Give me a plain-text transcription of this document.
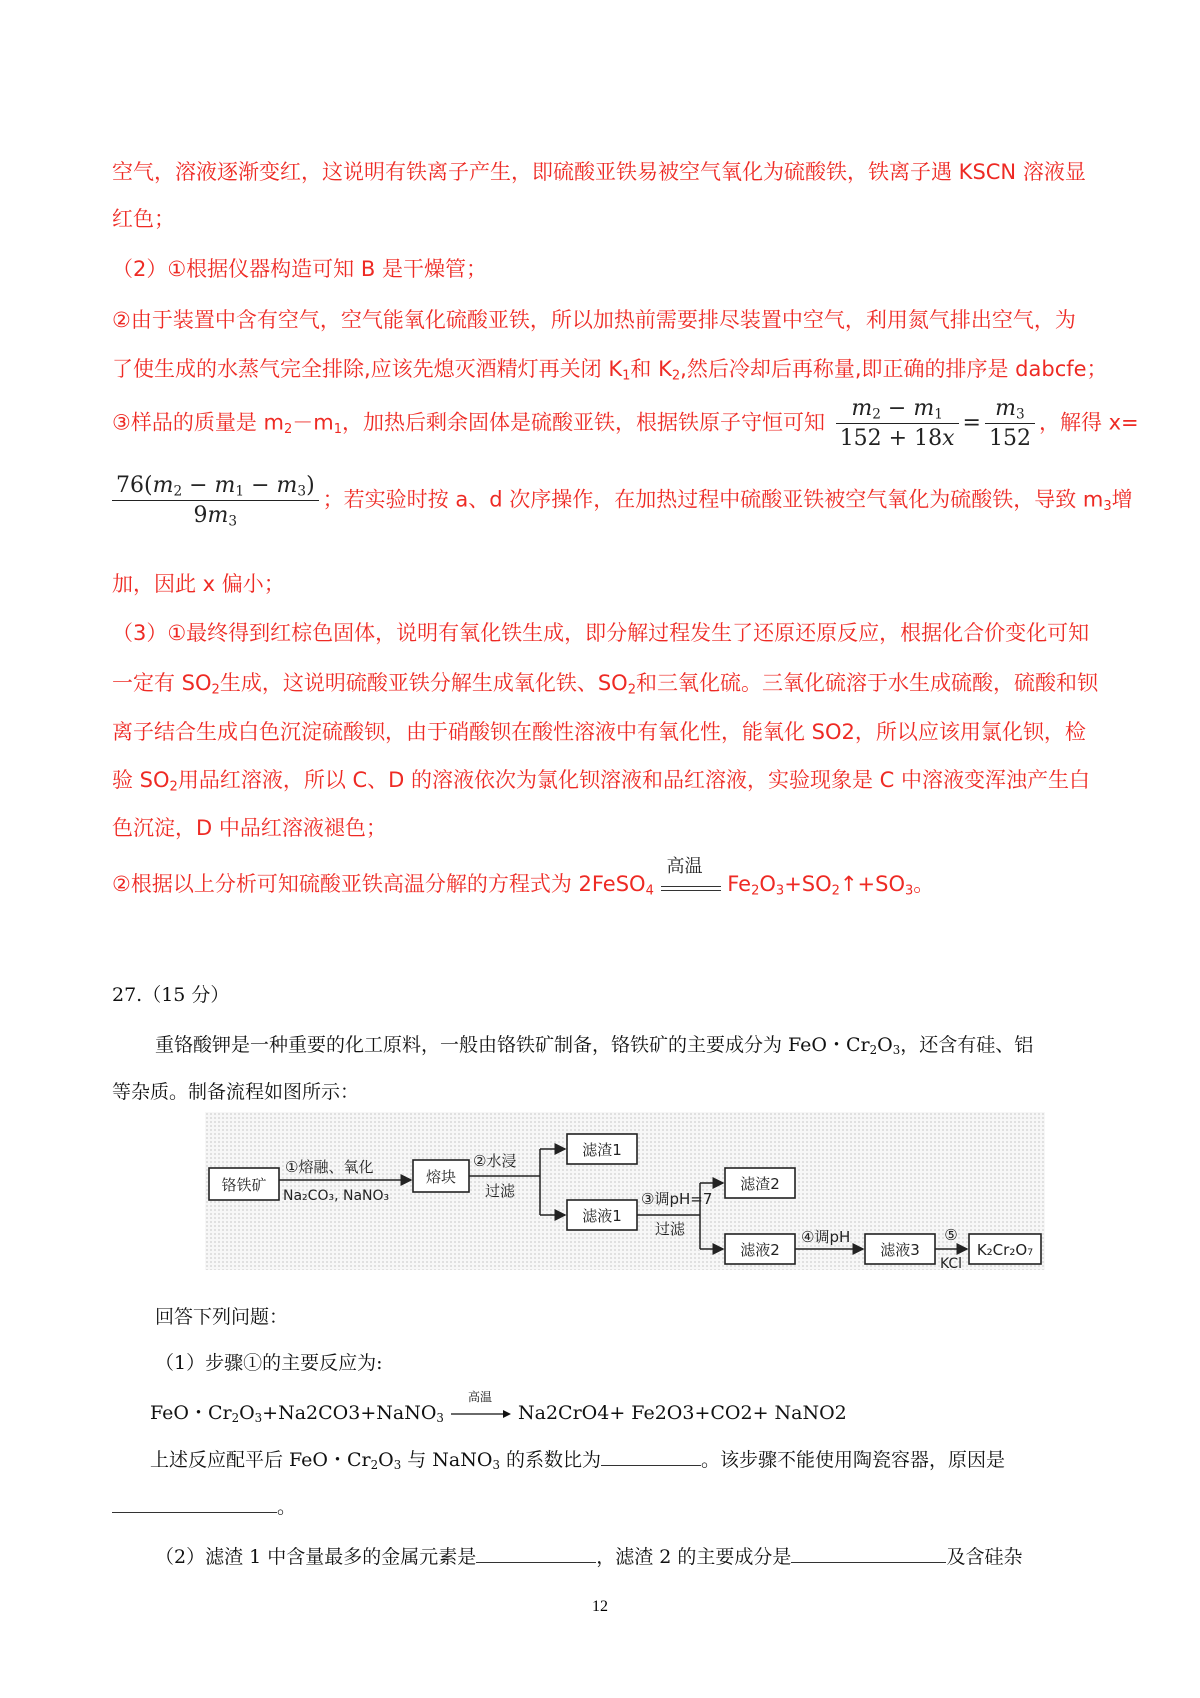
空气，溶液逐渐变红，这说明有铁离子产生，即硫酸亚铁易被空气氧化为硫酸铁，铁离子遇 KSCN 溶液显
红色；
（2）①根据仪器构造可知 B 是干燥管；
②由于装置中含有空气，空气能氧化硫酸亚铁，所以加热前需要排尽装置中空气，利用氮气排出空气，为
了使生成的水蒸气完全排除,应该先熄灭酒精灯再关闭 $K_1$和 $K_2$,然后冷却后再称量,即正确的排序是 dabcfe；
③样品的质量是 $m_2-m_1$，加热后剩余固体是硫酸亚铁，根据铁原子守恒可知 $\frac{m_2 - m_1}{152 + 18x} = \frac{m_3}{152}$ ，解得 x=
$\frac{76(m_2 - m_1 - m_3)}{9m_3}$ ；若实验时按 a、d 次序操作，在加热过程中硫酸亚铁被空气氧化为硫酸铁，导致 $m_3$增
加，因此 x 偏小；
（3）①最终得到红棕色固体，说明有氧化铁生成，即分解过程发生了还原还原反应，根据化合价变化可知
一定有 $SO_2$生成，这说明硫酸亚铁分解生成氧化铁、$SO_2$和三氧化硫。三氧化硫溶于水生成硫酸，硫酸和钡
离子结合生成白色沉淀硫酸钡，由于硝酸钡在酸性溶液中有氧化性，能氧化 SO2，所以应该用氯化钡，检
验 $SO_2$用品红溶液，所以 C、D 的溶液依次为氯化钡溶液和品红溶液，实验现象是 C 中溶液变浑浊产生白
色沉淀，D 中品红溶液褪色；
②根据以上分析可知硫酸亚铁高温分解的方程式为 2FeSO$_4$
高温
$Fe_2O_3+SO_2↑+SO_3$。
27.（15 分）
重铬酸钾是一种重要的化工原料，一般由铬铁矿制备，铬铁矿的主要成分为 FeO・$Cr_2O_3$，还含有硅、铝
等杂质。制备流程如图所示：
铬铁矿
①熔融、氧化
Na₂CO₃, NaNO₃
熔块
②水浸
过滤
滤渣1
滤液1
③调pH=7
过滤
滤渣2
滤液2
④调pH
滤液3
⑤
KCl
K₂Cr₂O₇
回答下列问题：
（1）步骤①的主要反应为:
FeO・$Cr_2O_3+Na2CO3+NaNO_3$
高温
Na2CrO4+ Fe2O3+CO2+ NaNO2
上述反应配平后 FeO・$Cr_2O_3$ 与 NaNO$_3$ 的系数比为	。该步骤不能使用陶瓷容器，原因是
。
（2）滤渣 1 中含量最多的金属元素是	，滤渣 2 的主要成分是	及含硅杂
12
